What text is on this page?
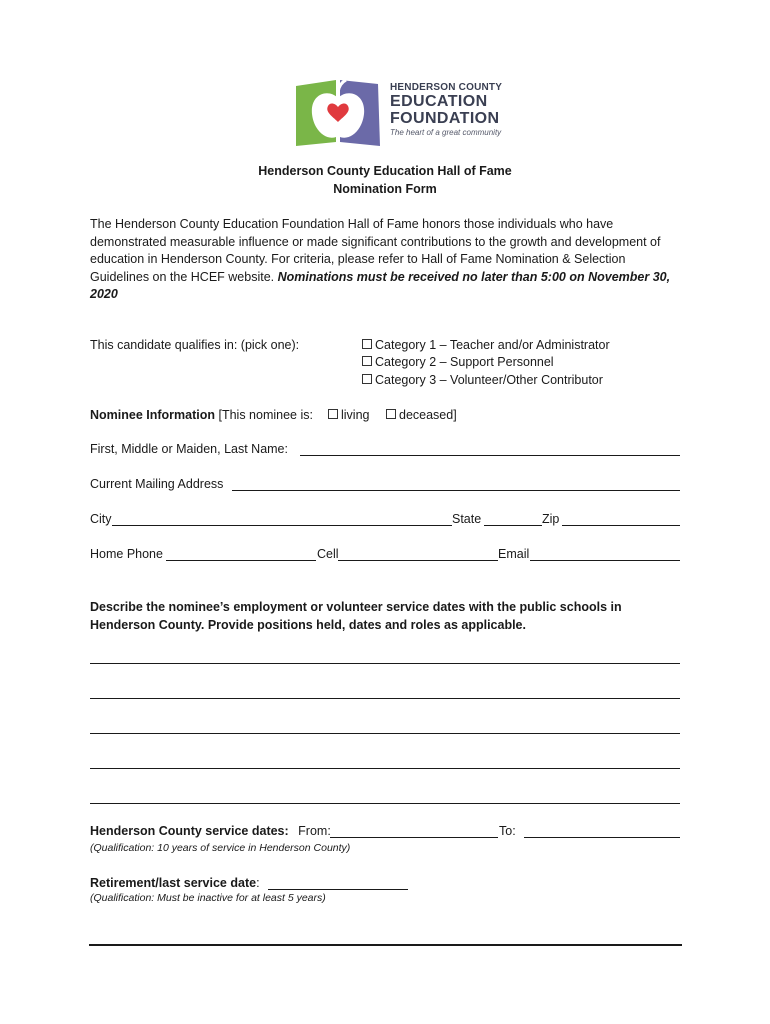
HENDERSON COUNTY
EDUCATION
FOUNDATION
The heart of a great community
Henderson County Education Hall of Fame
Nomination Form
The Henderson County Education Foundation Hall of Fame honors those individuals who have demonstrated measurable influence or made significant contributions to the growth and development of education in Henderson County. For criteria, please refer to Hall of Fame Nomination & Selection Guidelines on the HCEF website. Nominations must be received no later than 5:00 on November 30, 2020
This candidate qualifies in: (pick one):	Category 1 – Teacher and/or Administrator
Category 2 – Support Personnel
Category 3 – Volunteer/Other Contributor
Nominee Information [This nominee is:	living	deceased]
First, Middle or Maiden, Last Name:
Current Mailing Address
City	State	Zip
Home Phone	Cell	Email
Describe the nominee’s employment or volunteer service dates with the public schools in Henderson County. Provide positions held, dates and roles as applicable.
Henderson County service dates: From:	To:
(Qualification: 10 years of service in Henderson County)
Retirement/last service date:
(Qualification: Must be inactive for at least 5 years)
